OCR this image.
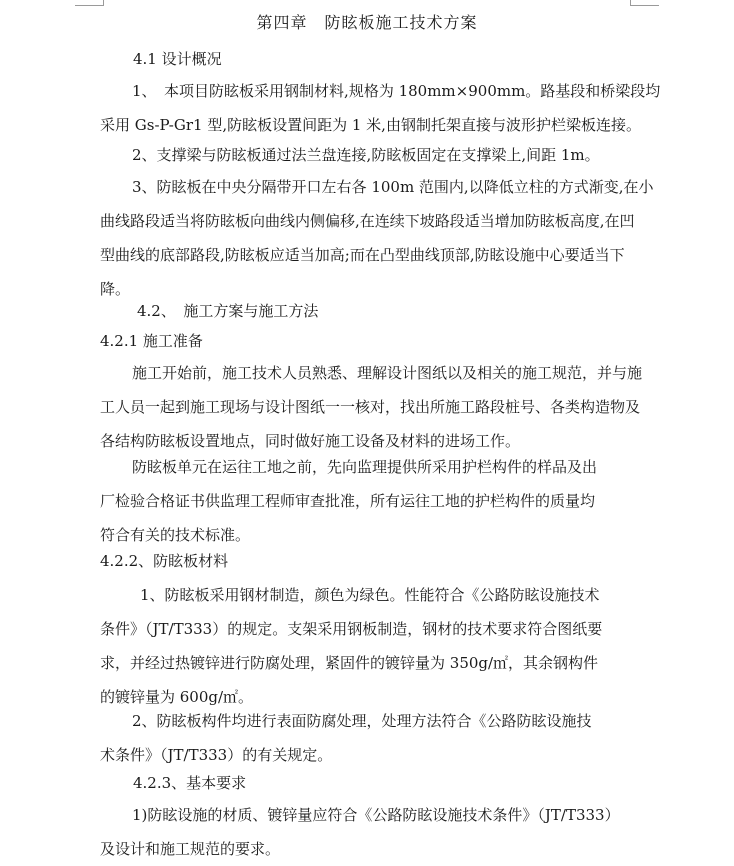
第四章　防眩板施工技术方案
4.1 设计概况
1、　本项目防眩板采用钢制材料,规格为 180mm×900mm。路基段和桥梁段均
采用 Gs-P-Gr1 型,防眩板设置间距为 1 米,由钢制托架直接与波形护栏梁板连接。
2、支撑梁与防眩板通过法兰盘连接,防眩板固定在支撑梁上,间距 1m。
3、防眩板在中央分隔带开口左右各 100m 范围内,以降低立柱的方式渐变,在小
曲线路段适当将防眩板向曲线内侧偏移,在连续下坡路段适当增加防眩板高度,在凹
型曲线的底部路段,防眩板应适当加高;而在凸型曲线顶部,防眩设施中心要适当下
降。
4.2、　施工方案与施工方法
4.2.1 施工准备
施工开始前，施工技术人员熟悉、理解设计图纸以及相关的施工规范，并与施
工人员一起到施工现场与设计图纸一一核对，找出所施工路段桩号、各类构造物及
各结构防眩板设置地点，同时做好施工设备及材料的进场工作。
防眩板单元在运往工地之前，先向监理提供所采用护栏构件的样品及出
厂检验合格证书供监理工程师审查批准，所有运往工地的护栏构件的质量均
符合有关的技术标准。
4.2.2、防眩板材料
1、防眩板采用钢材制造，颜色为绿色。性能符合《公路防眩设施技术
条件》（JT/T333）的规定。支架采用钢板制造，钢材的技术要求符合图纸要
求，并经过热镀锌进行防腐处理，紧固件的镀锌量为 350g/㎡，其余钢构件
的镀锌量为 600g/㎡。
2、防眩板构件均进行表面防腐处理，处理方法符合《公路防眩设施技
术条件》（JT/T333）的有关规定。
4.2.3、基本要求
1)防眩设施的材质、镀锌量应符合《公路防眩设施技术条件》（JT/T333）
及设计和施工规范的要求。
